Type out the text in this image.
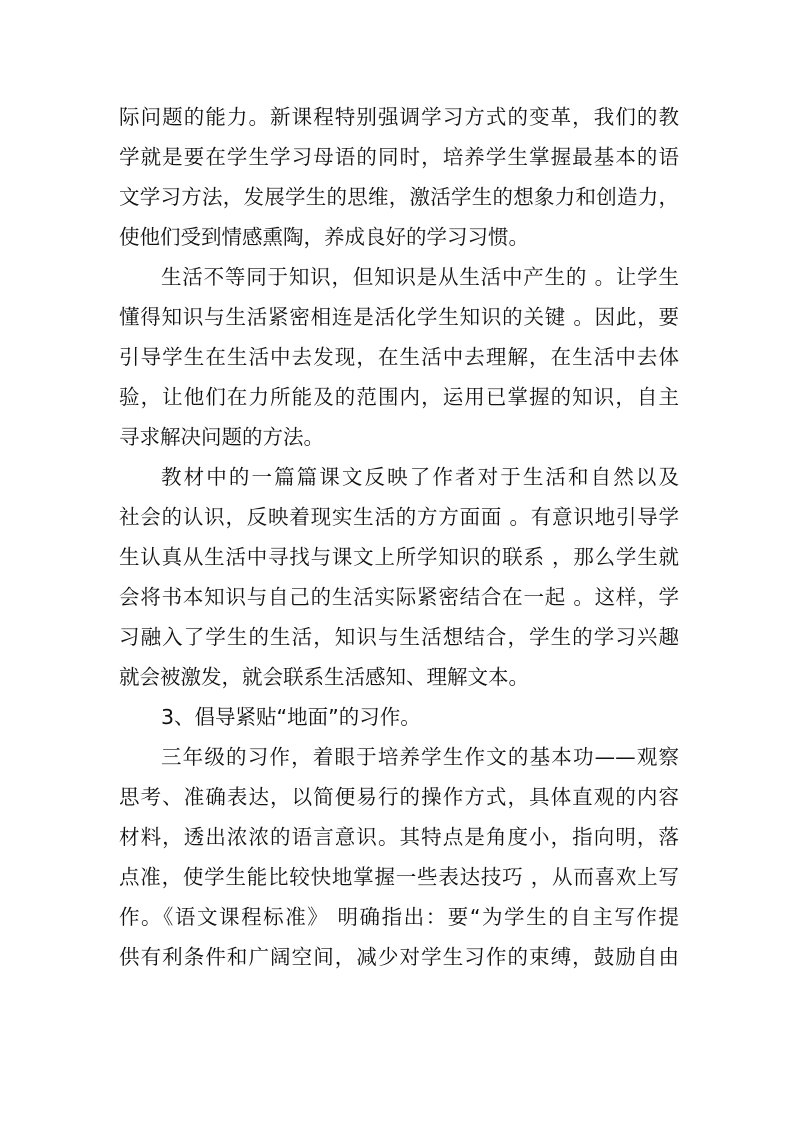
际问题的能力。新课程特别强调学习方式的变革，我们的教
学就是要在学生学习母语的同时，培养学生掌握最基本的语
文学习方法，发展学生的思维，激活学生的想象力和创造力，
使他们受到情感熏陶，养成良好的学习习惯。
生活不等同于知识，但知识是从生活中产生的 。让学生
懂得知识与生活紧密相连是活化学生知识的关键 。因此，要
引导学生在生活中去发现，在生活中去理解，在生活中去体
验，让他们在力所能及的范围内，运用已掌握的知识，自主
寻求解决问题的方法。
教材中的一篇篇课文反映了作者对于生活和自然以及
社会的认识，反映着现实生活的方方面面 。有意识地引导学
生认真从生活中寻找与课文上所学知识的联系 ，那么学生就
会将书本知识与自己的生活实际紧密结合在一起 。这样，学
习融入了学生的生活，知识与生活想结合，学生的学习兴趣
就会被激发，就会联系生活感知、理解文本。
3、倡导紧贴“地面”的习作。
三年级的习作，着眼于培养学生作文的基本功——观察
思考、准确表达，以简便易行的操作方式，具体直观的内容
材料，透出浓浓的语言意识。其特点是角度小，指向明，落
点准，使学生能比较快地掌握一些表达技巧 ，从而喜欢上写
作。《语文课程标准》 明确指出：要“为学生的自主写作提
供有利条件和广阔空间，减少对学生习作的束缚，鼓励自由
